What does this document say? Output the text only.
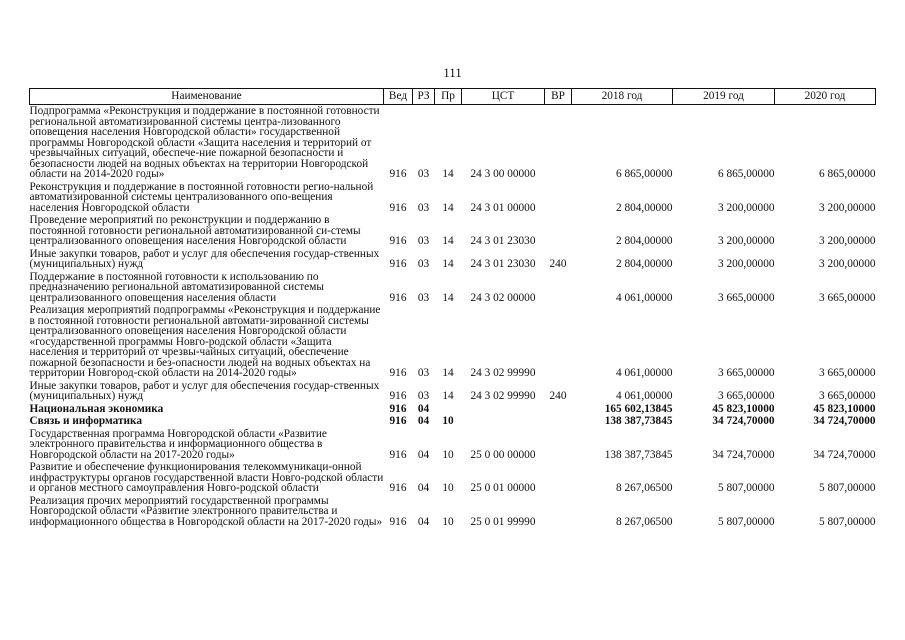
111
Наименование	Вед	РЗ	Пр	ЦСТ	ВР	2018 год	2019 год	2020 год
Подпрограмма «Реконструкция и поддержание в постоянной готовности региональной автоматизированной системы центра-лизованного оповещения населения Новгородской области» государственной программы Новгородской области «Защита населения и территорий от чрезвычайных ситуаций, обеспече-ние пожарной безопасности и безопасности людей на водных объектах на территории Новгородской области на 2014-2020 годы»	916	03	14	24 3 00 00000		6 865,00000	6 865,00000	6 865,00000
Реконструкция и поддержание в постоянной готовности регио-нальной автоматизированной системы централизованного опо-вещения населения Новгородской области	916	03	14	24 3 01 00000		2 804,00000	3 200,00000	3 200,00000
Проведение мероприятий по реконструкции и поддержанию в постоянной готовности региональной автоматизированной си-стемы централизованного оповещения населения Новгородской области	916	03	14	24 3 01 23030		2 804,00000	3 200,00000	3 200,00000
Иные закупки товаров, работ и услуг для обеспечения государ-ственных (муниципальных) нужд	916	03	14	24 3 01 23030	240	2 804,00000	3 200,00000	3 200,00000
Поддержание в постоянной готовности к использованию по предназначению региональной автоматизированной системы централизованного оповещения населения области	916	03	14	24 3 02 00000		4 061,00000	3 665,00000	3 665,00000
Реализация мероприятий подпрограммы «Реконструкция и поддержание в постоянной готовности региональной автомати-зированной системы централизованного оповещения населения Новгородской области «государственной программы Новго-родской области «Защита населения и территорий от чрезвы-чайных ситуаций, обеспечение пожарной безопасности и без-опасности людей на водных объектах на территории Новгород-ской области на 2014-2020 годы»	916	03	14	24 3 02 99990		4 061,00000	3 665,00000	3 665,00000
Иные закупки товаров, работ и услуг для обеспечения государ-ственных (муниципальных) нужд	916	03	14	24 3 02 99990	240	4 061,00000	3 665,00000	3 665,00000
Национальная экономика	916	04				165 602,13845	45 823,10000	45 823,10000
Связь и информатика	916	04	10			138 387,73845	34 724,70000	34 724,70000
Государственная программа Новгородской области «Развитие электронного правительства и информационного общества в Новгородской области на 2017-2020 годы»	916	04	10	25 0 00 00000		138 387,73845	34 724,70000	34 724,70000
Развитие и обеспечение функционирования телекоммуникаци-онной инфраструктуры органов государственной власти Новго-родской области и органов местного самоуправления Новго-родской области	916	04	10	25 0 01 00000		8 267,06500	5 807,00000	5 807,00000
Реализация прочих мероприятий государственной программы Новгородской области «Развитие электронного правительства и информационного общества в Новгородской области на 2017-2020 годы»	916	04	10	25 0 01 99990		8 267,06500	5 807,00000	5 807,00000
